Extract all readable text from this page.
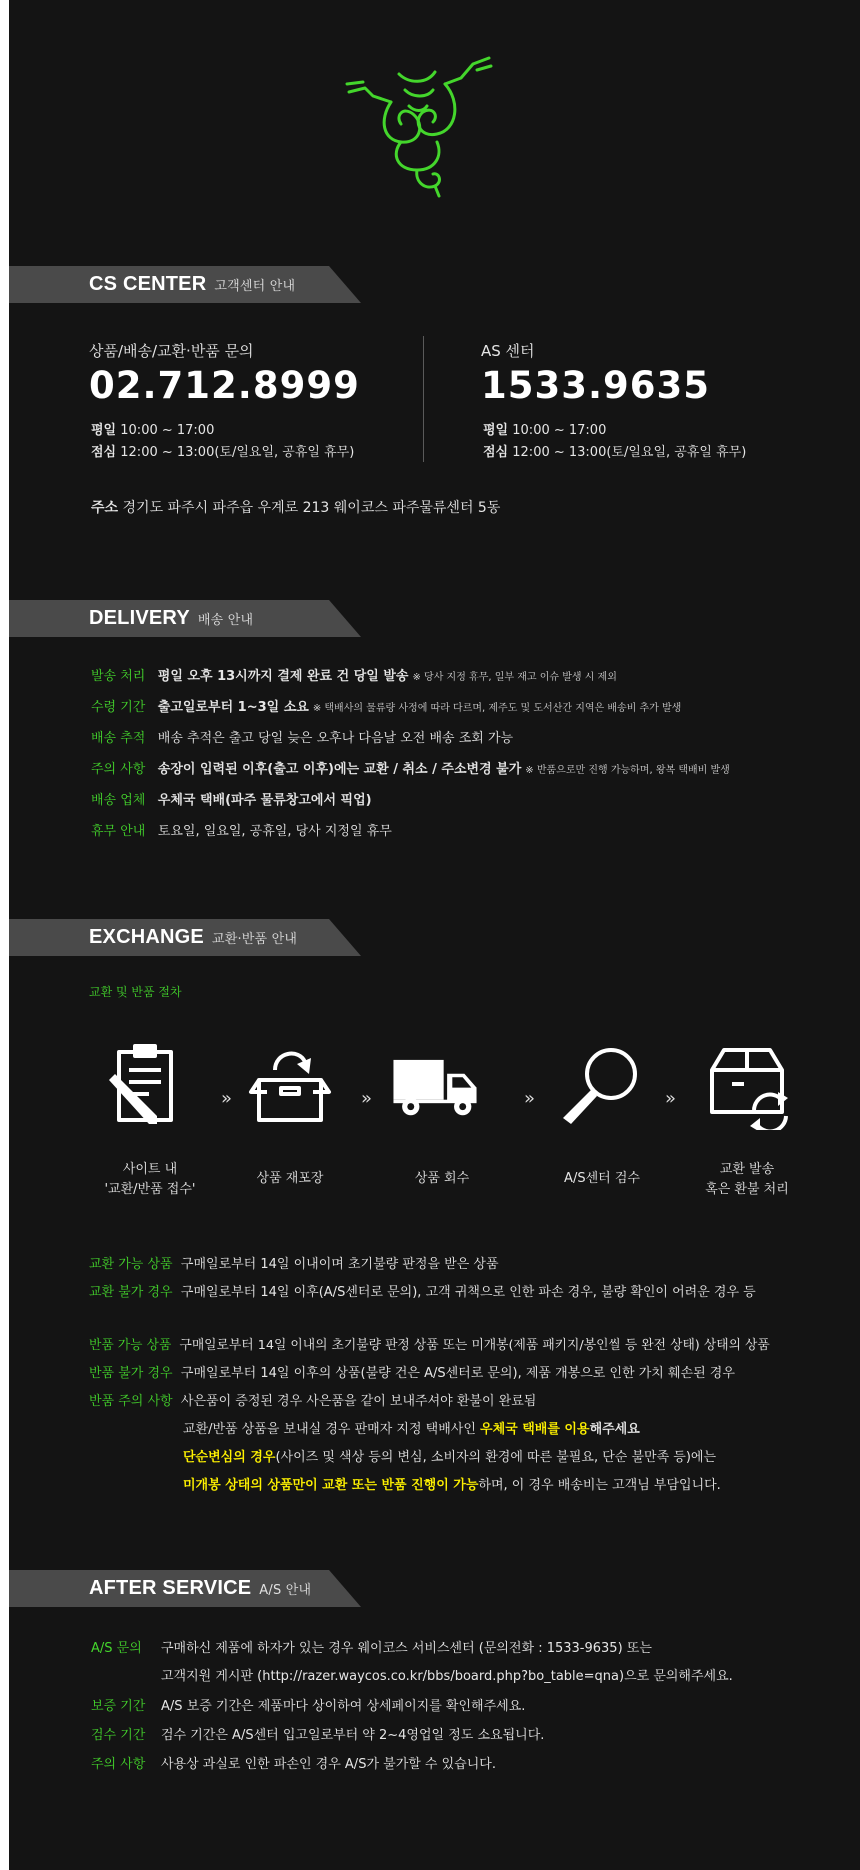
CS CENTER 고객센터 안내
상품/배송/교환·반품 문의
02.712.8999
평일 10:00 ~ 17:00
점심 12:00 ~ 13:00(토/일요일, 공휴일 휴무)
AS 센터
1533.9635
평일 10:00 ~ 17:00
점심 12:00 ~ 13:00(토/일요일, 공휴일 휴무)
주소 경기도 파주시 파주읍 우계로 213 웨이코스 파주물류센터 5동
DELIVERY 배송 안내
발송 처리 평일 오후 13시까지 결제 완료 건 당일 발송 ※ 당사 지정 휴무, 일부 재고 이슈 발생 시 제외
수령 기간 출고일로부터 1~3일 소요 ※ 택배사의 물류량 사정에 따라 다르며, 제주도 및 도서산간 지역은 배송비 추가 발생
배송 추적 배송 추적은 출고 당일 늦은 오후나 다음날 오전 배송 조회 가능
주의 사항 송장이 입력된 이후(출고 이후)에는 교환 / 취소 / 주소변경 불가 ※ 반품으로만 진행 가능하며, 왕복 택배비 발생
배송 업체 우체국 택배(파주 물류창고에서 픽업)
휴무 안내 토요일, 일요일, 공휴일, 당사 지정일 휴무
EXCHANGE 교환·반품 안내
교환 및 반품 절차
»	»	»	»
사이트 내
'교환/반품 접수'
상품 재포장	상품 회수	A/S센터 검수
교환 발송
혹은 환불 처리
교환 가능 상품 구매일로부터 14일 이내이며 초기불량 판정을 받은 상품
교환 불가 경우 구매일로부터 14일 이후(A/S센터로 문의), 고객 귀책으로 인한 파손 경우, 불량 확인이 어려운 경우 등
반품 가능 상품 구매일로부터 14일 이내의 초기불량 판정 상품 또는 미개봉(제품 패키지/봉인씰 등 완전 상태) 상태의 상품
반품 불가 경우 구매일로부터 14일 이후의 상품(불량 건은 A/S센터로 문의), 제품 개봉으로 인한 가치 훼손된 경우
반품 주의 사항 사은품이 증정된 경우 사은품을 같이 보내주셔야 환불이 완료됨
교환/반품 상품을 보내실 경우 판매자 지정 택배사인 우체국 택배를 이용해주세요
단순변심의 경우(사이즈 및 색상 등의 변심, 소비자의 환경에 따른 불필요, 단순 불만족 등)에는
미개봉 상태의 상품만이 교환 또는 반품 진행이 가능하며, 이 경우 배송비는 고객님 부담입니다.
AFTER SERVICE A/S 안내
A/S 문의 구매하신 제품에 하자가 있는 경우 웨이코스 서비스센터 (문의전화 : 1533-9635) 또는
고객지원 게시판 (http://razer.waycos.co.kr/bbs/board.php?bo_table=qna)으로 문의해주세요.
보증 기간 A/S 보증 기간은 제품마다 상이하여 상세페이지를 확인해주세요.
검수 기간 검수 기간은 A/S센터 입고일로부터 약 2~4영업일 정도 소요됩니다.
주의 사항 사용상 과실로 인한 파손인 경우 A/S가 불가할 수 있습니다.
